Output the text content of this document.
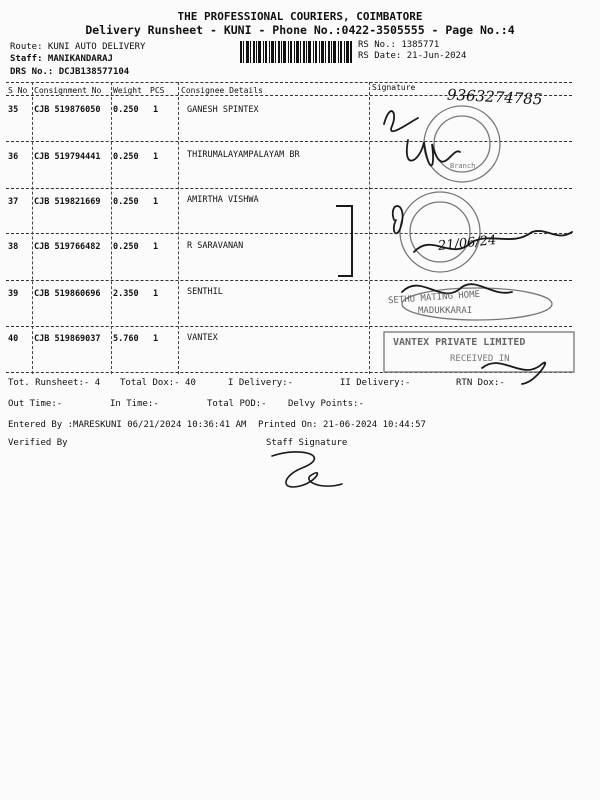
THE PROFESSIONAL COURIERS, COIMBATORE
Delivery Runsheet - KUNI - Phone No.:0422-3505555 - Page No.:4
Route: KUNI AUTO DELIVERY
Staff: MANIKANDARAJ
DRS No.: DCJB138577104
RS No.: 1385771
RS Date: 21-Jun-2024
S No Consignment No Weight PCS Consignee Details	Signature
35 CJB 519876050 0.250 1	GANESH SPINTEX
36 CJB 519794441 0.250 1	THIRUMALAYAMPALAYAM BR
37 CJB 519821669 0.250 1	AMIRTHA VISHWA
38 CJB 519766482 0.250 1	R SARAVANAN
39 CJB 519860696 2.350 1	SENTHIL
40 CJB 519869037 5.760 1	VANTEX
9363274785
21/06/24
Branch
SETHU MATING HOME
MADUKKARAI
VANTEX PRIVATE LIMITED
RECEIVED IN
Tot. Runsheet:- 4 Total Dox:- 40	I Delivery:-	II Delivery:-	RTN Dox:-
Out Time:-	In Time:-	Total POD:- Delvy Points:-
Entered By :MARESKUNI 06/21/2024 10:36:41 AM Printed On: 21-06-2024 10:44:57
Verified By	Staff Signature
